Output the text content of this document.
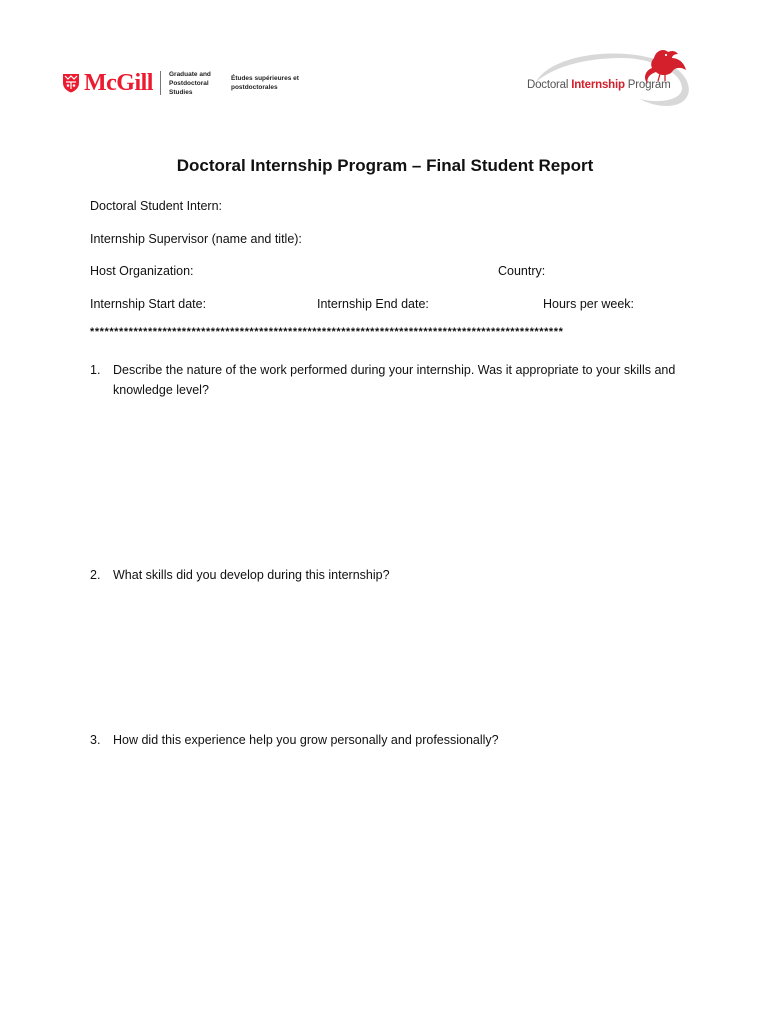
McGill Graduate and
Postdoctoral Studies
Études supérieures et
postdoctorales	Doctoral Internship Program
Doctoral Internship Program – Final Student Report
Doctoral Student Intern:
Internship Supervisor (name and title):
Host Organization:	Country:
Internship Start date:	Internship End date:	Hours per week:
**************************************************************************************************
1. Describe the nature of the work performed during your internship. Was it appropriate to your skills and knowledge level?
2. What skills did you develop during this internship?
3. How did this experience help you grow personally and professionally?
